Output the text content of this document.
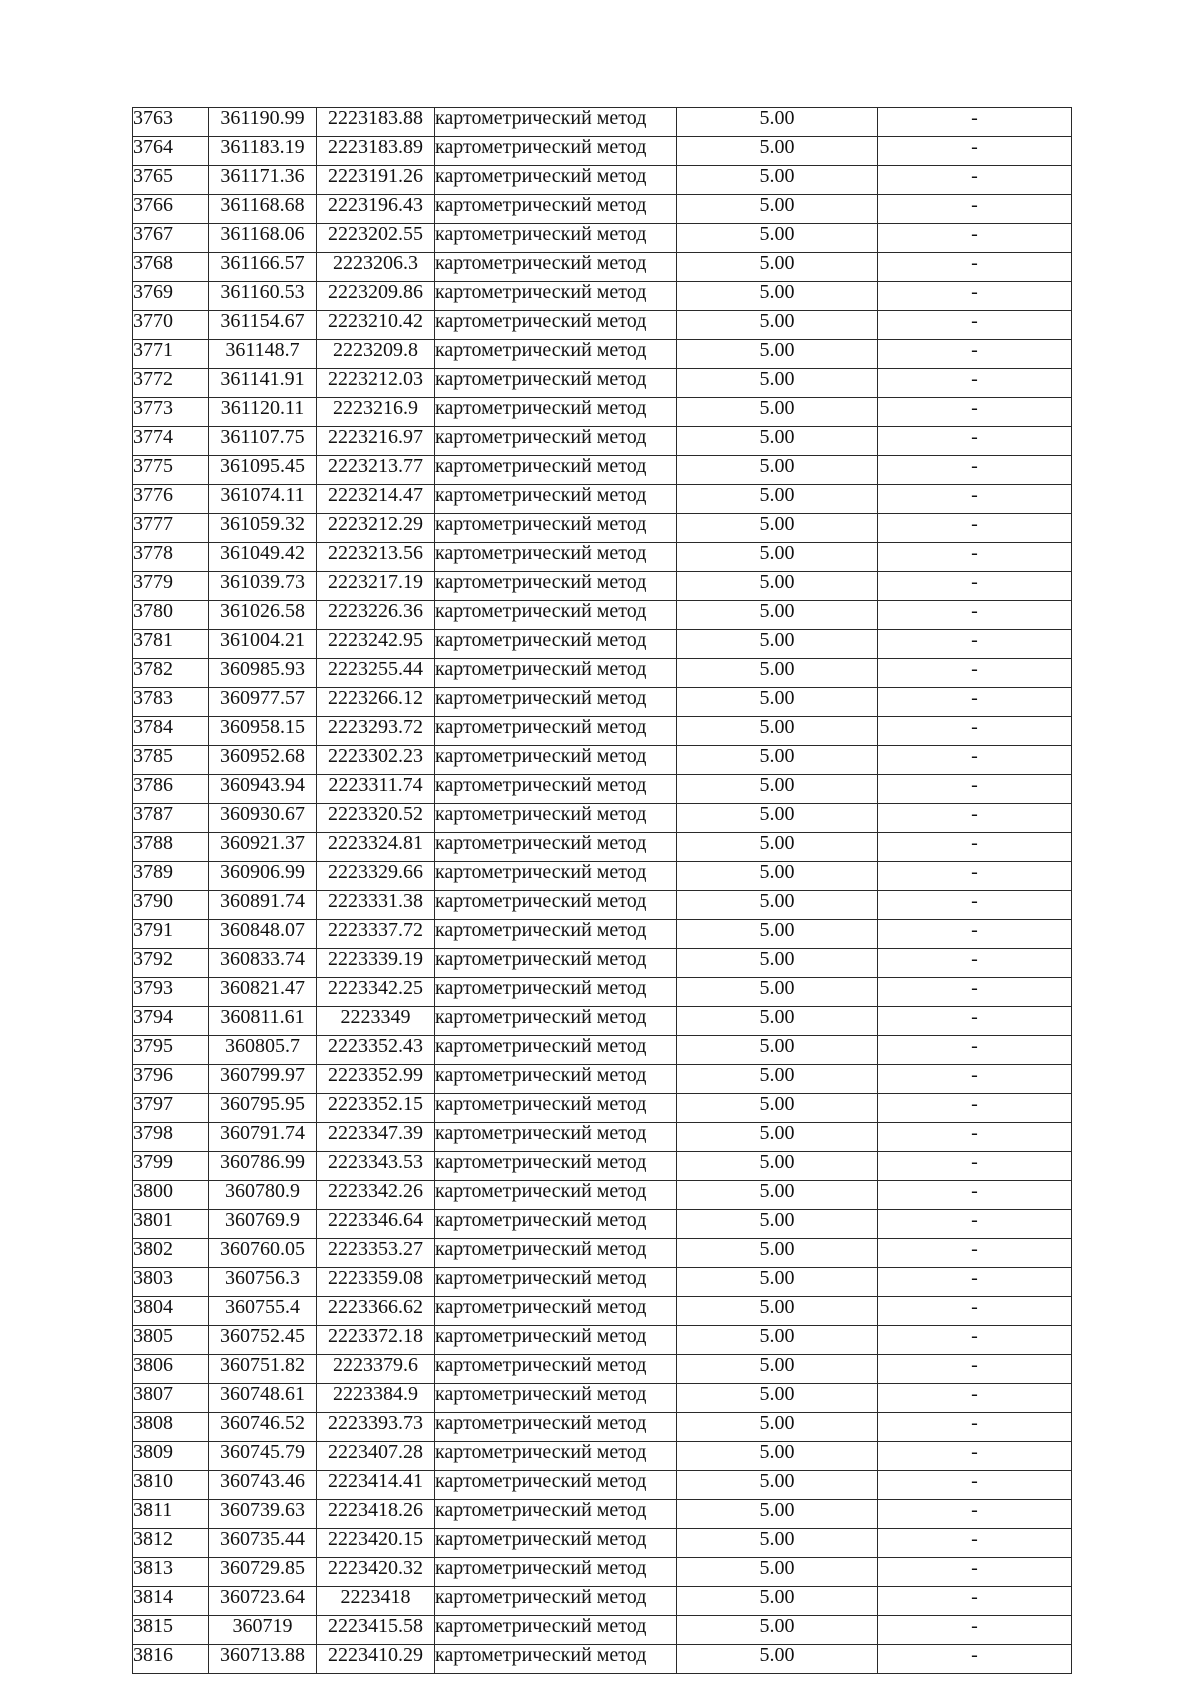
3763	361190.99	2223183.88	картометрический метод	5.00	-
3764	361183.19	2223183.89	картометрический метод	5.00	-
3765	361171.36	2223191.26	картометрический метод	5.00	-
3766	361168.68	2223196.43	картометрический метод	5.00	-
3767	361168.06	2223202.55	картометрический метод	5.00	-
3768	361166.57	2223206.3	картометрический метод	5.00	-
3769	361160.53	2223209.86	картометрический метод	5.00	-
3770	361154.67	2223210.42	картометрический метод	5.00	-
3771	361148.7	2223209.8	картометрический метод	5.00	-
3772	361141.91	2223212.03	картометрический метод	5.00	-
3773	361120.11	2223216.9	картометрический метод	5.00	-
3774	361107.75	2223216.97	картометрический метод	5.00	-
3775	361095.45	2223213.77	картометрический метод	5.00	-
3776	361074.11	2223214.47	картометрический метод	5.00	-
3777	361059.32	2223212.29	картометрический метод	5.00	-
3778	361049.42	2223213.56	картометрический метод	5.00	-
3779	361039.73	2223217.19	картометрический метод	5.00	-
3780	361026.58	2223226.36	картометрический метод	5.00	-
3781	361004.21	2223242.95	картометрический метод	5.00	-
3782	360985.93	2223255.44	картометрический метод	5.00	-
3783	360977.57	2223266.12	картометрический метод	5.00	-
3784	360958.15	2223293.72	картометрический метод	5.00	-
3785	360952.68	2223302.23	картометрический метод	5.00	-
3786	360943.94	2223311.74	картометрический метод	5.00	-
3787	360930.67	2223320.52	картометрический метод	5.00	-
3788	360921.37	2223324.81	картометрический метод	5.00	-
3789	360906.99	2223329.66	картометрический метод	5.00	-
3790	360891.74	2223331.38	картометрический метод	5.00	-
3791	360848.07	2223337.72	картометрический метод	5.00	-
3792	360833.74	2223339.19	картометрический метод	5.00	-
3793	360821.47	2223342.25	картометрический метод	5.00	-
3794	360811.61	2223349	картометрический метод	5.00	-
3795	360805.7	2223352.43	картометрический метод	5.00	-
3796	360799.97	2223352.99	картометрический метод	5.00	-
3797	360795.95	2223352.15	картометрический метод	5.00	-
3798	360791.74	2223347.39	картометрический метод	5.00	-
3799	360786.99	2223343.53	картометрический метод	5.00	-
3800	360780.9	2223342.26	картометрический метод	5.00	-
3801	360769.9	2223346.64	картометрический метод	5.00	-
3802	360760.05	2223353.27	картометрический метод	5.00	-
3803	360756.3	2223359.08	картометрический метод	5.00	-
3804	360755.4	2223366.62	картометрический метод	5.00	-
3805	360752.45	2223372.18	картометрический метод	5.00	-
3806	360751.82	2223379.6	картометрический метод	5.00	-
3807	360748.61	2223384.9	картометрический метод	5.00	-
3808	360746.52	2223393.73	картометрический метод	5.00	-
3809	360745.79	2223407.28	картометрический метод	5.00	-
3810	360743.46	2223414.41	картометрический метод	5.00	-
3811	360739.63	2223418.26	картометрический метод	5.00	-
3812	360735.44	2223420.15	картометрический метод	5.00	-
3813	360729.85	2223420.32	картометрический метод	5.00	-
3814	360723.64	2223418	картометрический метод	5.00	-
3815	360719	2223415.58	картометрический метод	5.00	-
3816	360713.88	2223410.29	картометрический метод	5.00	-
